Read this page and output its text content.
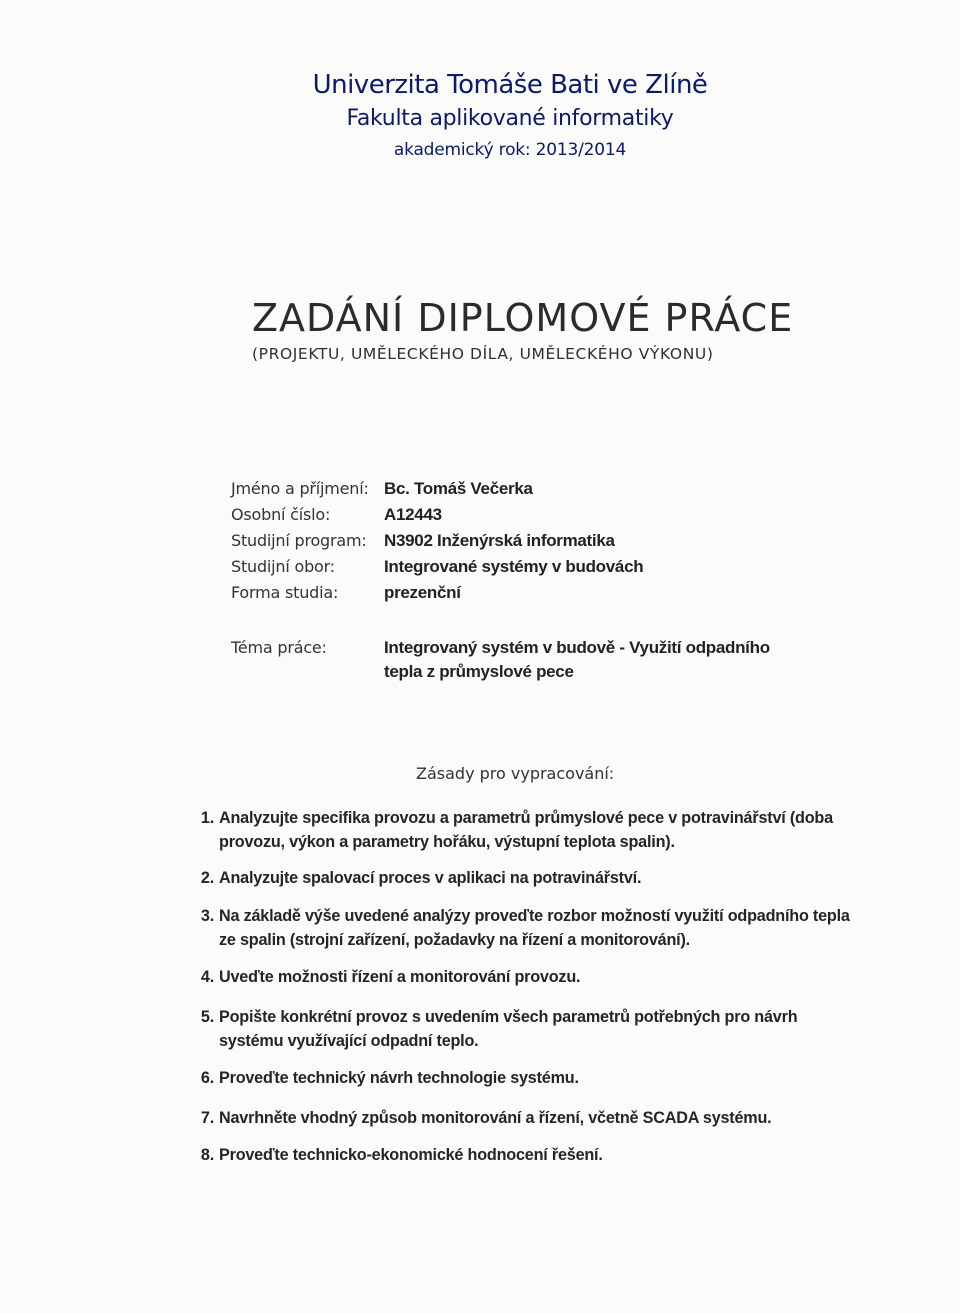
Univerzita Tomáše Bati ve Zlíně
Fakulta aplikované informatiky
akademický rok: 2013/2014
ZADÁNÍ DIPLOMOVÉ PRÁCE
(PROJEKTU, UMĚLECKÉHO DÍLA, UMĚLECKÉHO VÝKONU)
Jméno a příjmení: Bc. Tomáš Večerka
Osobní číslo:	A12443
Studijní program: N3902 Inženýrská informatika
Studijní obor:	Integrované systémy v budovách
Forma studia:	prezenční
Téma práce:	Integrovaný systém v budově - Využití odpadního
tepla z průmyslové pece
Zásady pro vypracování:
1. Analyzujte specifika provozu a parametrů průmyslové pece v potravinářství (doba provozu, výkon a parametry hořáku, výstupní teplota spalin).
2. Analyzujte spalovací proces v aplikaci na potravinářství.
3. Na základě výše uvedené analýzy proveďte rozbor možností využití odpadního tepla ze spalin (strojní zařízení, požadavky na řízení a monitorování).
4. Uveďte možnosti řízení a monitorování provozu.
5. Popište konkrétní provoz s uvedením všech parametrů potřebných pro návrh systému využívající odpadní teplo.
6. Proveďte technický návrh technologie systému.
7. Navrhněte vhodný způsob monitorování a řízení, včetně SCADA systému.
8. Proveďte technicko-ekonomické hodnocení řešení.
